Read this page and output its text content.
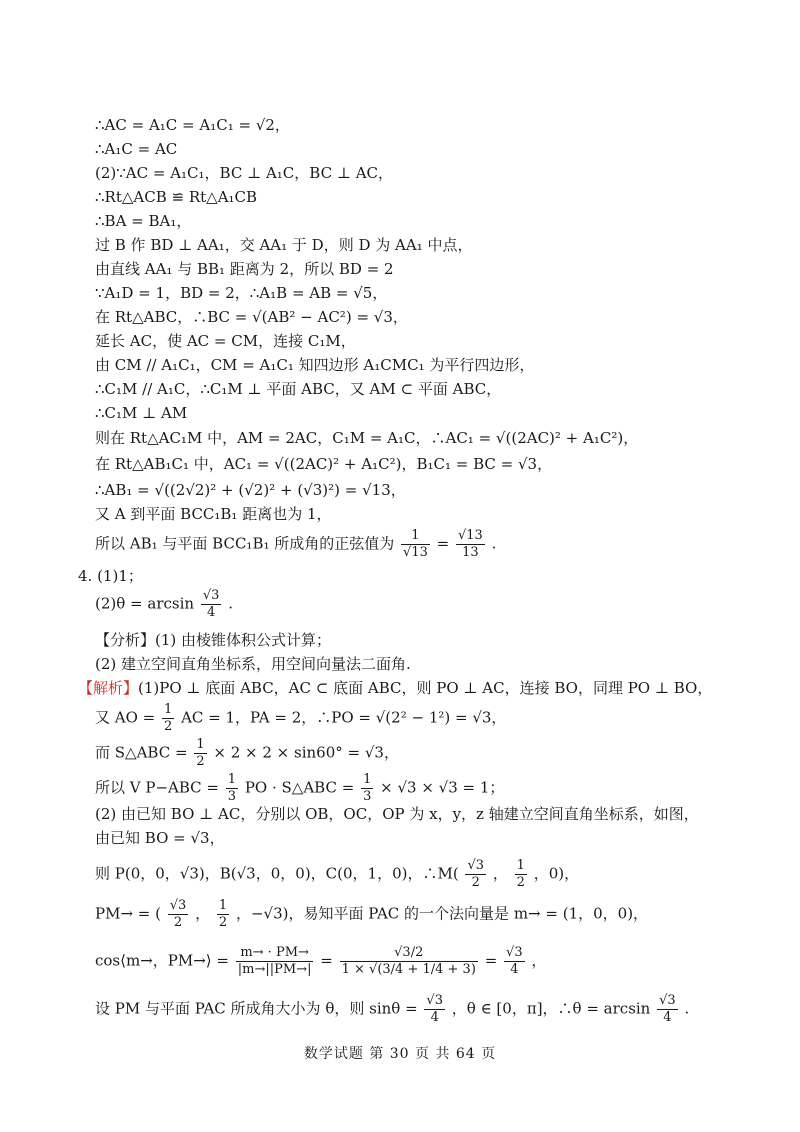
∴AC = A₁C = A₁C₁ = √2，
∴A₁C = AC
(2)∵AC = A₁C₁，BC ⊥ A₁C，BC ⊥ AC，
∴Rt△ACB ≌ Rt△A₁CB
∴BA = BA₁，
过 B 作 BD ⊥ AA₁，交 AA₁ 于 D，则 D 为 AA₁ 中点，
由直线 AA₁ 与 BB₁ 距离为 2，所以 BD = 2
∵A₁D = 1，BD = 2，∴A₁B = AB = √5，
在 Rt△ABC，∴BC = √(AB² − AC²) = √3，
延长 AC，使 AC = CM，连接 C₁M，
由 CM // A₁C₁，CM = A₁C₁ 知四边形 A₁CMC₁ 为平行四边形，
∴C₁M // A₁C，∴C₁M ⊥ 平面 ABC，又 AM ⊂ 平面 ABC，
∴C₁M ⊥ AM
则在 Rt△AC₁M 中，AM = 2AC，C₁M = A₁C，∴AC₁ = √((2AC)² + A₁C²)，
在 Rt△AB₁C₁ 中，AC₁ = √((2AC)² + A₁C²)，B₁C₁ = BC = √3，
∴AB₁ = √((2√2)² + (√2)² + (√3)²) = √13，
又 A 到平面 BCC₁B₁ 距离也为 1，
所以 AB₁ 与平面 BCC₁B₁ 所成角的正弦值为 $\frac{1}{√13} = \frac{√13}{13}$ .
4. (1)1；
$(2)\theta = \arcsin \frac{√3}{4}$ .
【分析】(1) 由棱锥体积公式计算；
(2) 建立空间直角坐标系，用空间向量法二面角.
【解析】(1)PO ⊥ 底面 ABC，AC ⊂ 底面 ABC，则 PO ⊥ AC，连接 BO，同理 PO ⊥ BO，
又 AO = $\frac{1}{2}$ AC = 1，PA = 2，∴PO = √(2² − 1²) = √3，
而 S△ABC = $\frac{1}{2} \times 2 \times 2 \times \sin 60^\circ = √3$，
所以 V $P-ABC = \frac{1}{3}$ PO · S△ABC = $\frac{1}{3} \times √3 \times √3 = 1$；
(2) 由已知 BO ⊥ AC，分别以 OB，OC，OP 为 x，y，z 轴建立空间直角坐标系，如图，
由已知 BO = √3，
则 P(0，0，√3)，B(√3，0，0)，C(0，1，0)，∴M( $\frac{√3}{2}$ ， $\frac{1}{2}$ ，0)，
PM→ = ( $\frac{√3}{2}$ ， $\frac{1}{2}$ ，−√3)，易知平面 PAC 的一个法向量是 m→ = (1，0，0)，
cos⟨m→，PM→⟩ = $\frac{m\to \cdot PM\to}{|m\to||PM\to|} = \frac{√3/2}{1 \times √(3/4 + 1/4 + 3)} = \frac{√3}{4}$ ，
设 PM 与平面 PAC 所成角大小为 θ，则 $\sin\theta = \frac{√3}{4}$ ，θ ∈ [0，π]，∴θ = $\arcsin \frac{√3}{4}$ .
数学试题 第 30 页 共 64 页
